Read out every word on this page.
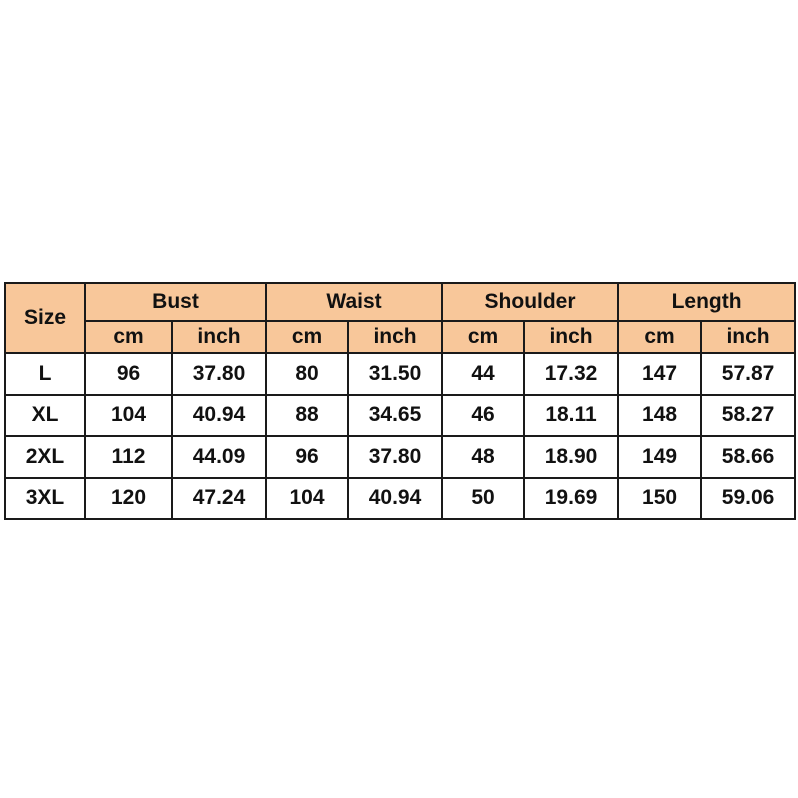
Size	Bust		Waist		Shoulder		Length	
	cm	inch	cm	inch	cm	inch	cm	inch
L	96	37.80	80	31.50	44	17.32	147	57.87
XL	104	40.94	88	34.65	46	18.11	148	58.27
2XL	112	44.09	96	37.80	48	18.90	149	58.66
3XL	120	47.24	104	40.94	50	19.69	150	59.06
